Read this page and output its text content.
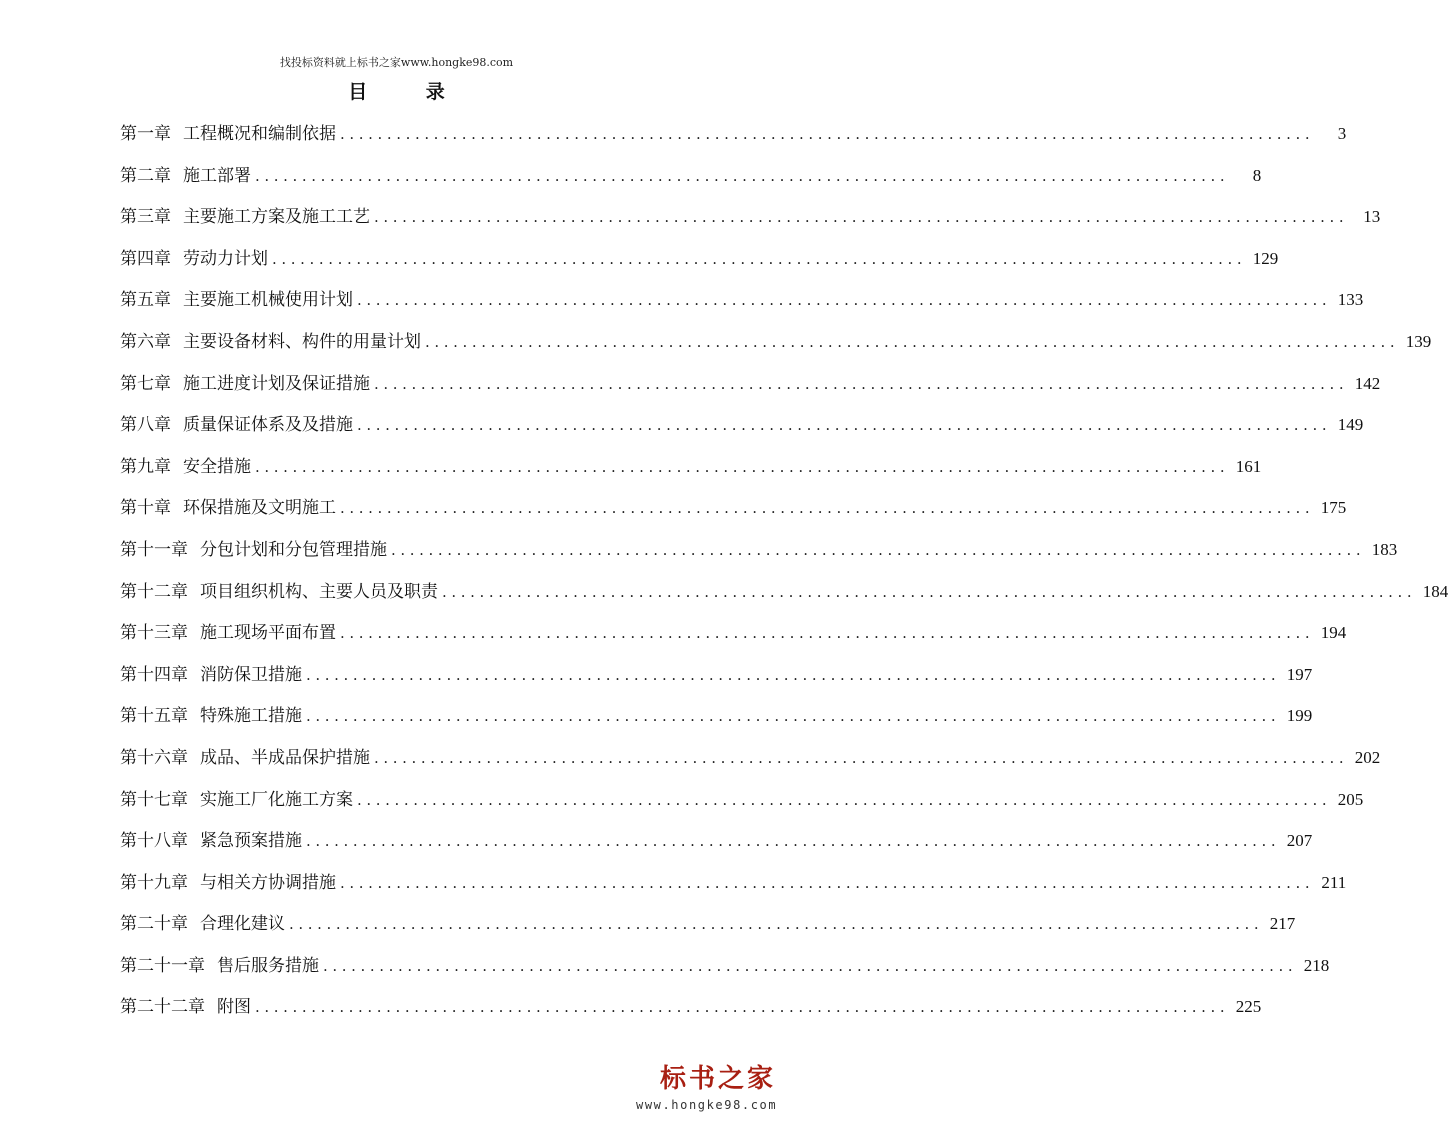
找投标资料就上标书之家www.hongke98.com
目 录
第一章 工程概况和编制依据 ........................................................................................................	3
第二章 施工部署 ........................................................................................................	8
第三章 主要施工方案及施工工艺 ........................................................................................................ 13
第四章 劳动力计划 ........................................................................................................ 129
第五章 主要施工机械使用计划 ........................................................................................................ 133
第六章 主要设备材料、构件的用量计划 ........................................................................................................ 139
第七章 施工进度计划及保证措施 ........................................................................................................ 142
第八章 质量保证体系及及措施 ........................................................................................................ 149
第九章 安全措施 ........................................................................................................ 161
第十章 环保措施及文明施工 ........................................................................................................ 175
第十一章 分包计划和分包管理措施 ........................................................................................................ 183
第十二章 项目组织机构、主要人员及职责 ........................................................................................................ 184
第十三章 施工现场平面布置 ........................................................................................................ 194
第十四章 消防保卫措施 ........................................................................................................ 197
第十五章 特殊施工措施 ........................................................................................................ 199
第十六章 成品、半成品保护措施 ........................................................................................................ 202
第十七章 实施工厂化施工方案 ........................................................................................................ 205
第十八章 紧急预案措施 ........................................................................................................ 207
第十九章 与相关方协调措施 ........................................................................................................ 211
第二十章 合理化建议 ........................................................................................................ 217
第二十一章 售后服务措施 ........................................................................................................ 218
第二十二章 附图 ........................................................................................................ 225
标书之家
www.hongke98.com
